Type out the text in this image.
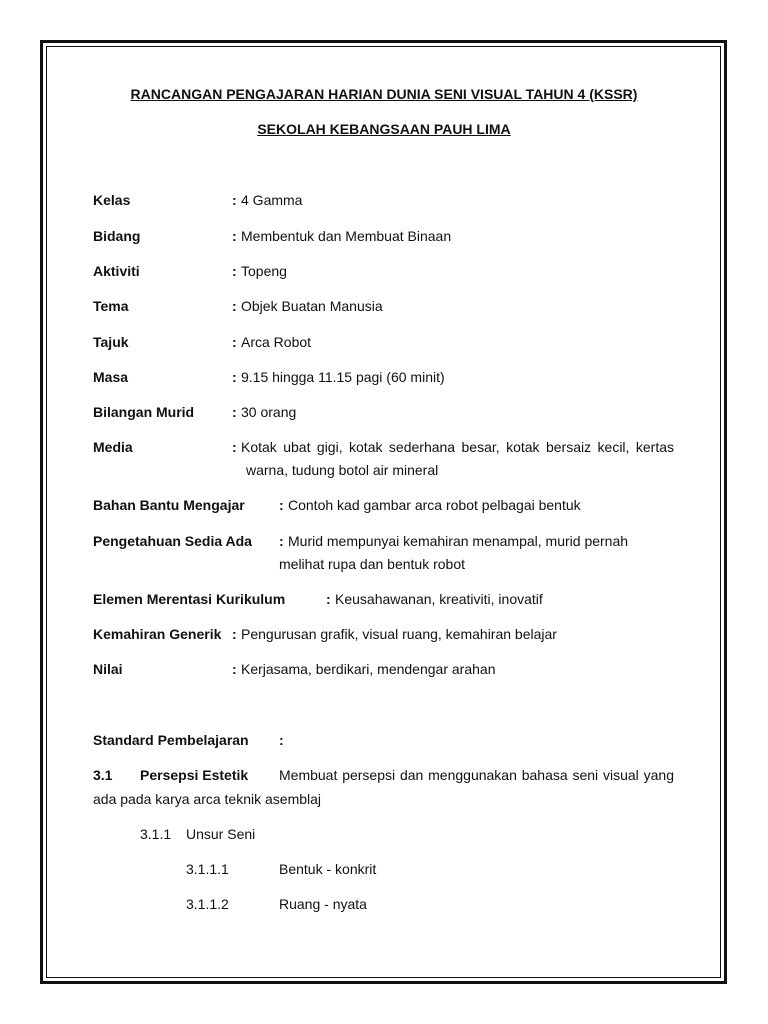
RANCANGAN PENGAJARAN HARIAN DUNIA SENI VISUAL TAHUN 4 (KSSR)
SEKOLAH KEBANGSAAN PAUH LIMA
Kelas	: 4 Gamma
Bidang	: Membentuk dan Membuat Binaan
Aktiviti	: Topeng
Tema	: Objek Buatan Manusia
Tajuk	: Arca Robot
Masa	: 9.15 hingga 11.15 pagi (60 minit)
Bilangan Murid	: 30 orang
Media	: Kotak ubat gigi, kotak sederhana besar, kotak bersaiz kecil, kertas
warna, tudung botol air mineral
Bahan Bantu Mengajar : Contoh kad gambar arca robot pelbagai bentuk
Pengetahuan Sedia Ada : Murid mempunyai kemahiran menampal, murid pernah
melihat rupa dan bentuk robot
Elemen Merentasi Kurikulum	: Keusahawanan, kreativiti, inovatif
Kemahiran Generik : Pengurusan grafik, visual ruang, kemahiran belajar
Nilai	: Kerjasama, berdikari, mendengar arahan
Standard Pembelajaran :
3.1 Persepsi Estetik Membuat persepsi dan menggunakan bahasa seni visual yang
ada pada karya arca teknik asemblaj
3.1.1 Unsur Seni
3.1.1.1	Bentuk - konkrit
3.1.1.2	Ruang - nyata
